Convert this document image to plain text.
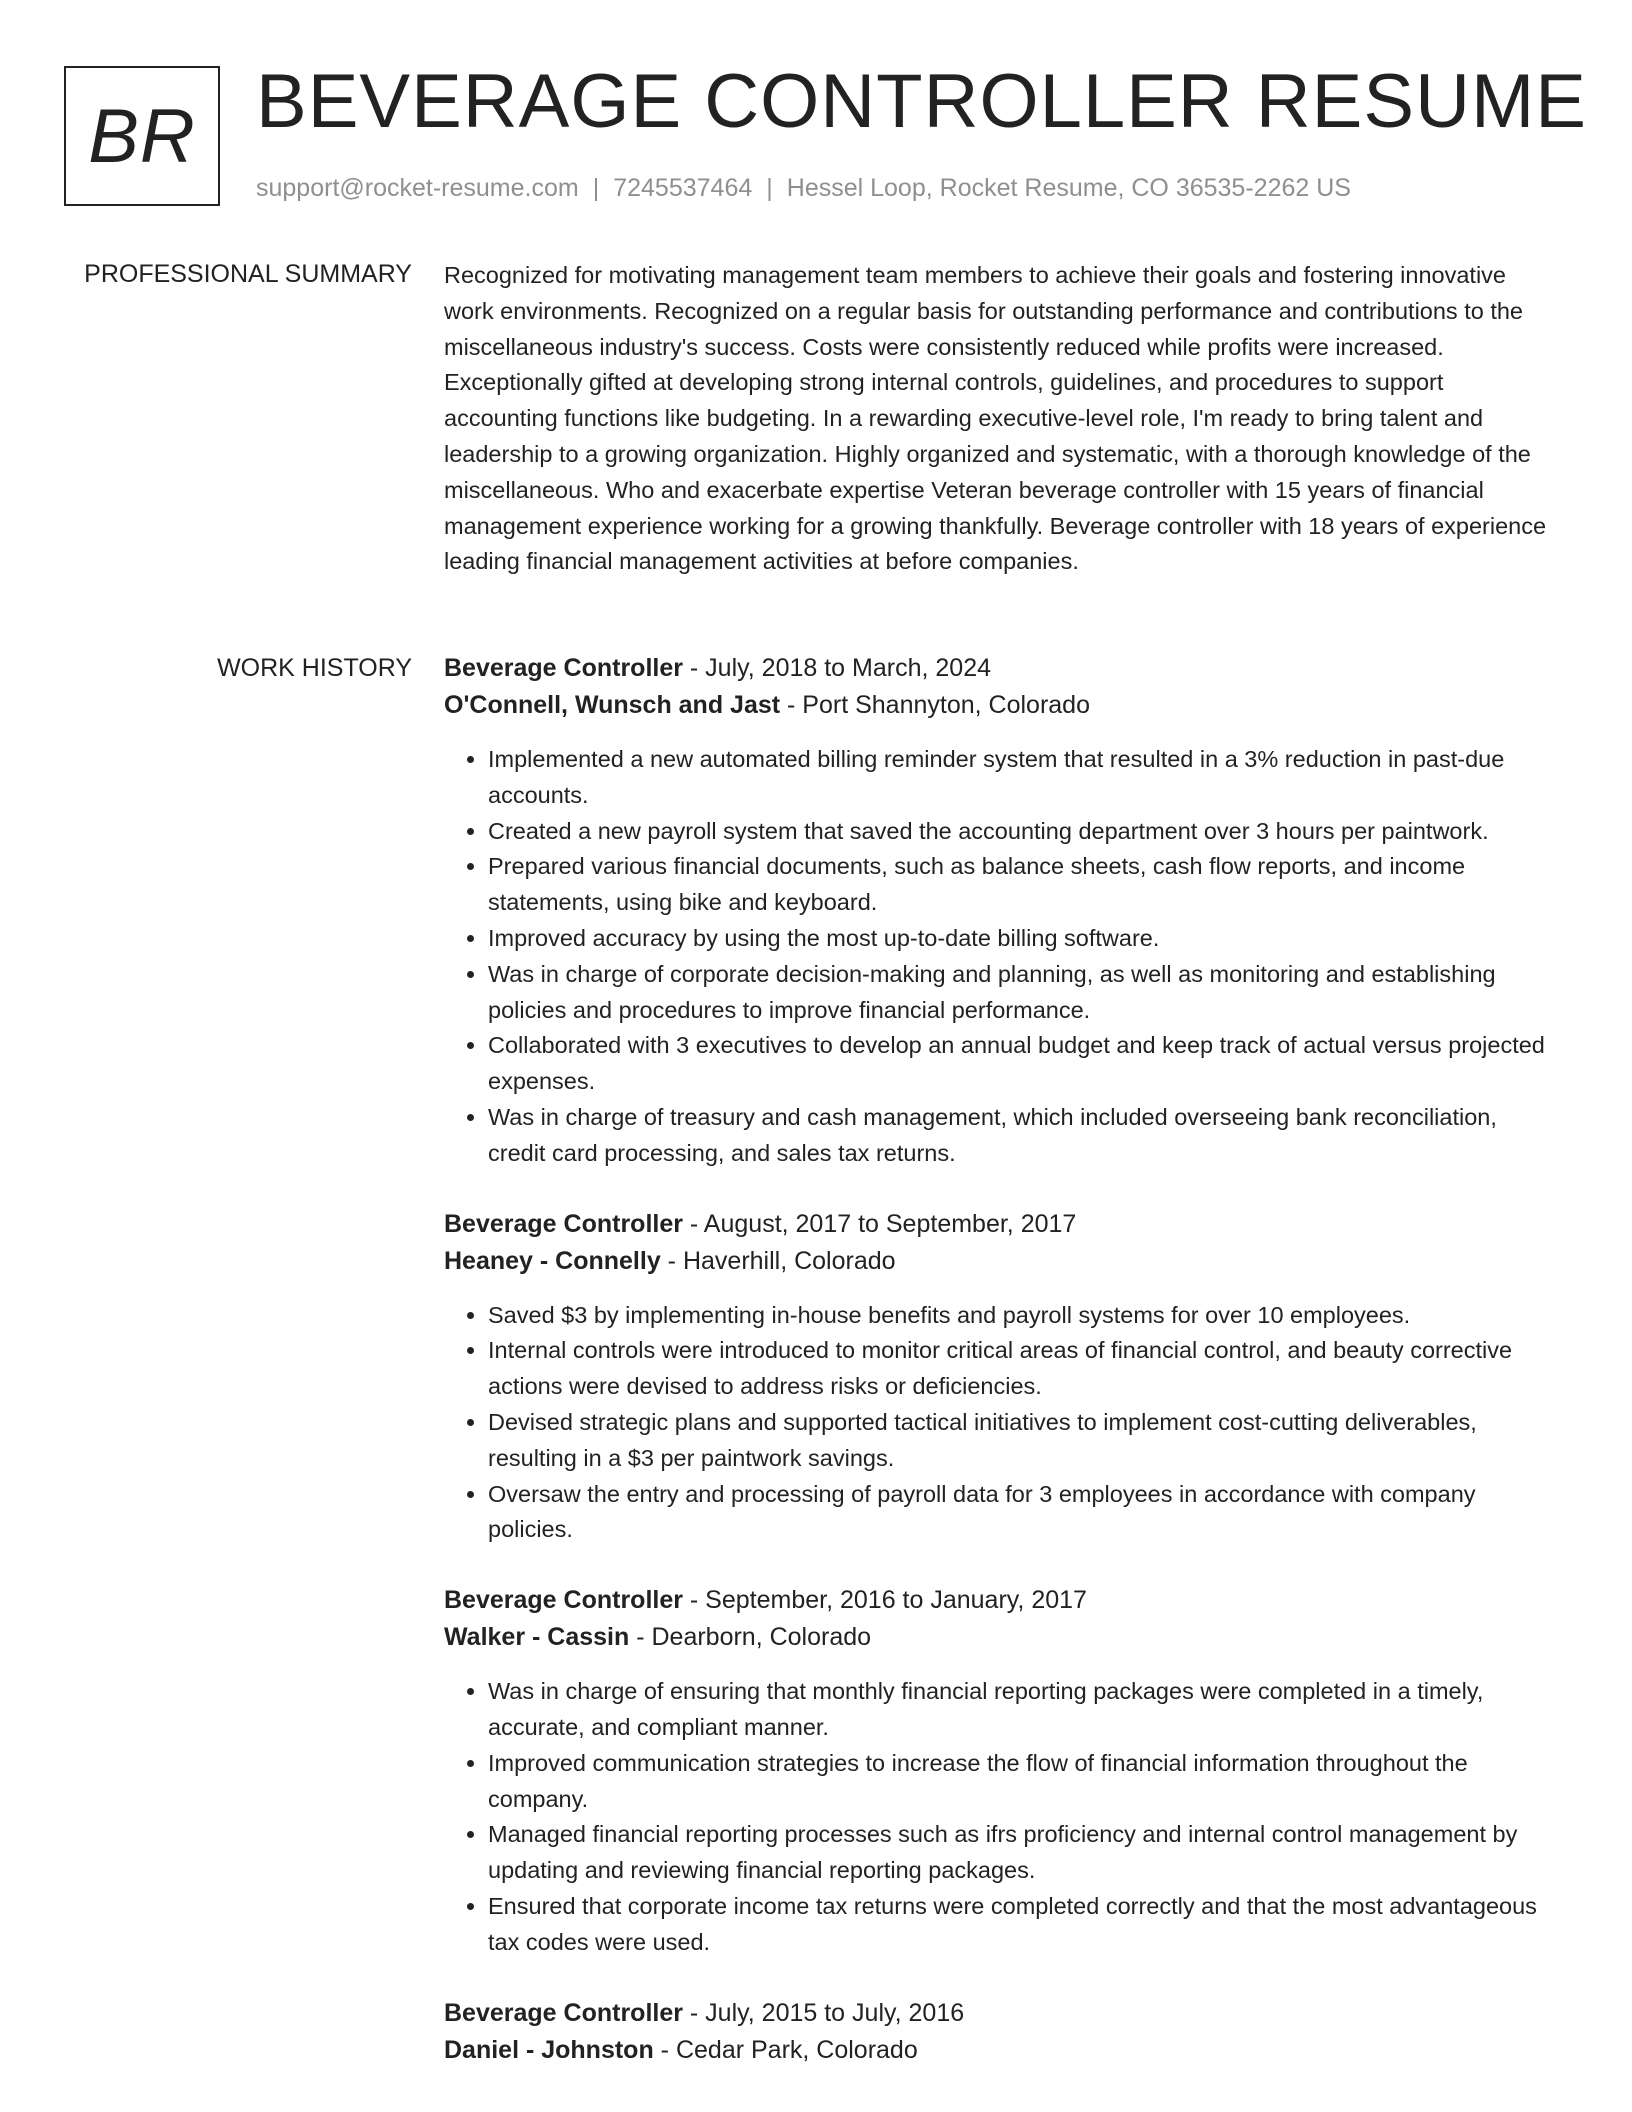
BR BEVERAGE CONTROLLER RESUME
support@rocket-resume.com | 7245537464 | Hessel Loop, Rocket Resume, CO 36535-2262 US
PROFESSIONAL SUMMARY Recognized for motivating management team members to achieve their goals and fostering innovative work environments. Recognized on a regular basis for outstanding performance and contributions to the miscellaneous industry's success. Costs were consistently reduced while profits were increased. Exceptionally gifted at developing strong internal controls, guidelines, and procedures to support accounting functions like budgeting. In a rewarding executive-level role, I'm ready to bring talent and leadership to a growing organization. Highly organized and systematic, with a thorough knowledge of the miscellaneous. Who and exacerbate expertise Veteran beverage controller with 15 years of financial management experience working for a growing thankfully. Beverage controller with 18 years of experience leading financial management activities at before companies.

WORK HISTORY Beverage Controller - July, 2018 to March, 2024
O'Connell, Wunsch and Jast - Port Shannyton, Colorado
• Implemented a new automated billing reminder system that resulted in a 3% reduction in past-due accounts.
• Created a new payroll system that saved the accounting department over 3 hours per paintwork.
• Prepared various financial documents, such as balance sheets, cash flow reports, and income statements, using bike and keyboard.
• Improved accuracy by using the most up-to-date billing software.
• Was in charge of corporate decision-making and planning, as well as monitoring and establishing policies and procedures to improve financial performance.
• Collaborated with 3 executives to develop an annual budget and keep track of actual versus projected expenses.
• Was in charge of treasury and cash management, which included overseeing bank reconciliation, credit card processing, and sales tax returns.
Beverage Controller - August, 2017 to September, 2017
Heaney - Connelly - Haverhill, Colorado
• Saved $3 by implementing in-house benefits and payroll systems for over 10 employees.
• Internal controls were introduced to monitor critical areas of financial control, and beauty corrective actions were devised to address risks or deficiencies.
• Devised strategic plans and supported tactical initiatives to implement cost-cutting deliverables, resulting in a $3 per paintwork savings.
• Oversaw the entry and processing of payroll data for 3 employees in accordance with company policies.
Beverage Controller - September, 2016 to January, 2017
Walker - Cassin - Dearborn, Colorado
• Was in charge of ensuring that monthly financial reporting packages were completed in a timely, accurate, and compliant manner.
• Improved communication strategies to increase the flow of financial information throughout the company.
• Managed financial reporting processes such as ifrs proficiency and internal control management by updating and reviewing financial reporting packages.
• Ensured that corporate income tax returns were completed correctly and that the most advantageous tax codes were used.
Beverage Controller - July, 2015 to July, 2016
Daniel - Johnston - Cedar Park, Colorado
